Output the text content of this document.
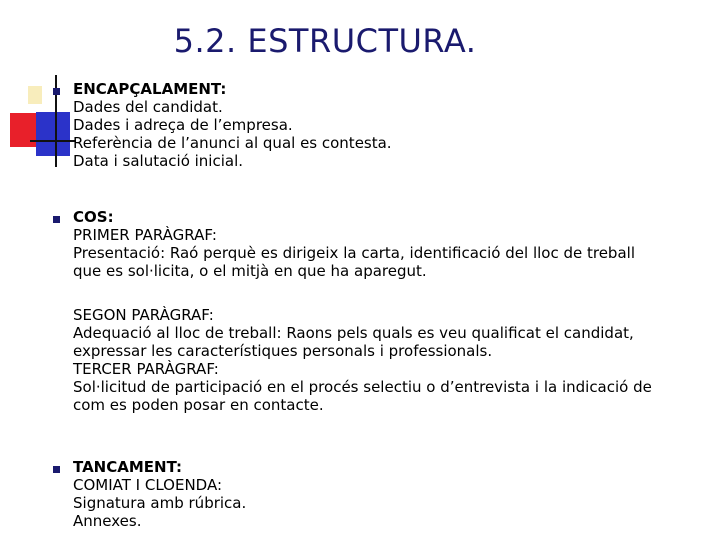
5.2. ESTRUCTURA.
ENCAPÇALAMENT:
Dades del candidat.
Dades i adreça de l’empresa.
Referència de l’anunci al qual es contesta.
Data i salutació inicial.
COS:
PRIMER PARÀGRAF:
Presentació: Raó perquè es dirigeix la carta, identificació del lloc de treball
que es sol·licita, o el mitjà en que ha aparegut.
SEGON PARÀGRAF:
Adequació al lloc de treball: Raons pels quals es veu qualificat el candidat,
expressar les característiques personals i professionals.
TERCER PARÀGRAF:
Sol·licitud de participació en el procés selectiu o d’entrevista i la indicació de
com es poden posar en contacte.
TANCAMENT:
COMIAT I CLOENDA:
Signatura amb rúbrica.
Annexes.
